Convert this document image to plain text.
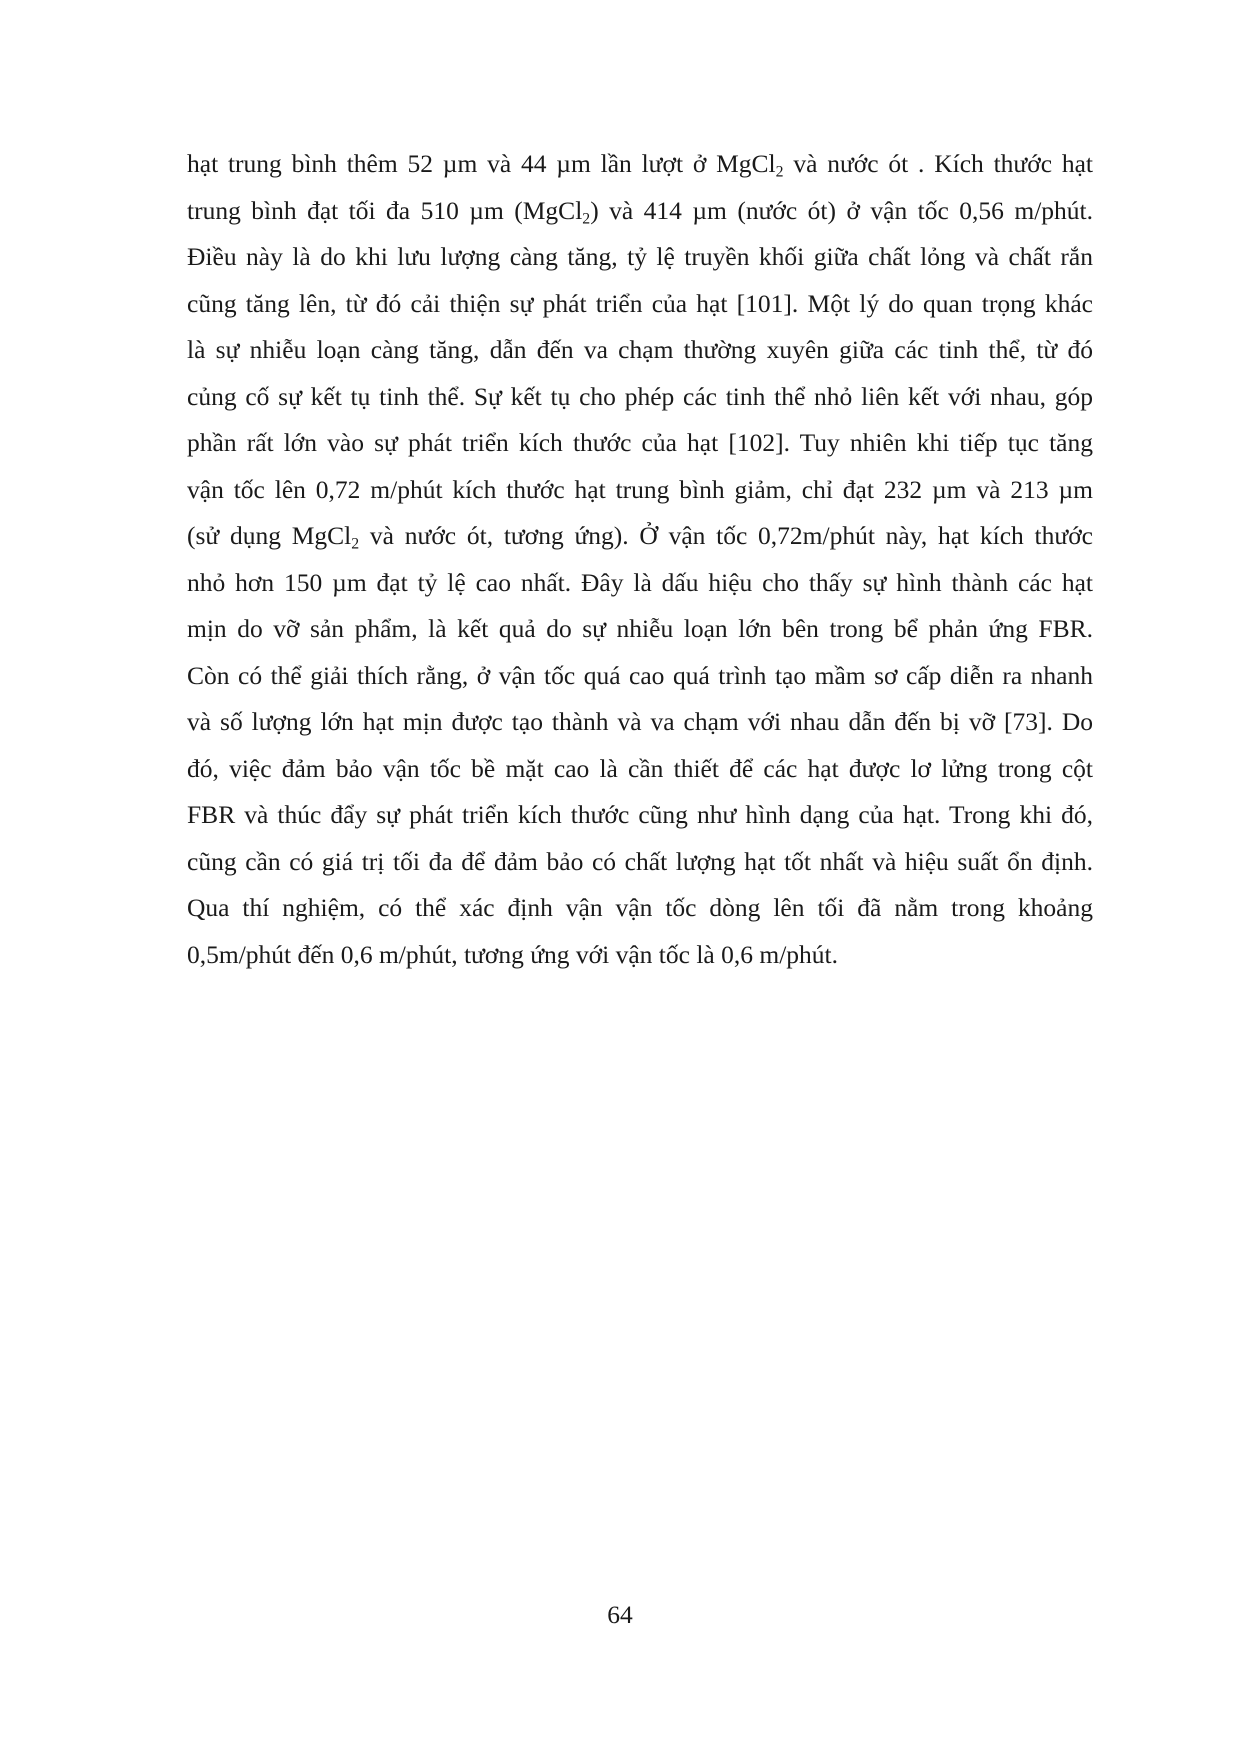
hạt trung bình thêm 52 µm và 44 µm lần lượt ở MgCl$_2$ và nước ót . Kích thước hạt
trung bình đạt tối đa 510 µm (MgCl$_2$) và 414 µm (nước ót) ở vận tốc 0,56 m/phút.
Điều này là do khi lưu lượng càng tăng, tỷ lệ truyền khối giữa chất lỏng và chất rắn
cũng tăng lên, từ đó cải thiện sự phát triển của hạt [101]. Một lý do quan trọng khác
là sự nhiễu loạn càng tăng, dẫn đến va chạm thường xuyên giữa các tinh thể, từ đó
củng cố sự kết tụ tinh thể. Sự kết tụ cho phép các tinh thể nhỏ liên kết với nhau, góp
phần rất lớn vào sự phát triển kích thước của hạt [102]. Tuy nhiên khi tiếp tục tăng
vận tốc lên 0,72 m/phút kích thước hạt trung bình giảm, chỉ đạt 232 µm và 213 µm
(sử dụng MgCl$_2$ và nước ót, tương ứng). Ở vận tốc 0,72m/phút này, hạt kích thước
nhỏ hơn 150 µm đạt tỷ lệ cao nhất. Đây là dấu hiệu cho thấy sự hình thành các hạt
mịn do vỡ sản phẩm, là kết quả do sự nhiễu loạn lớn bên trong bể phản ứng FBR.
Còn có thể giải thích rằng, ở vận tốc quá cao quá trình tạo mầm sơ cấp diễn ra nhanh
và số lượng lớn hạt mịn được tạo thành và va chạm với nhau dẫn đến bị vỡ [73]. Do
đó, việc đảm bảo vận tốc bề mặt cao là cần thiết để các hạt được lơ lửng trong cột
FBR và thúc đẩy sự phát triển kích thước cũng như hình dạng của hạt. Trong khi đó,
cũng cần có giá trị tối đa để đảm bảo có chất lượng hạt tốt nhất và hiệu suất ổn định.
Qua thí nghiệm, có thể xác định vận vận tốc dòng lên tối đã nằm trong khoảng
0,5m/phút đến 0,6 m/phút, tương ứng với vận tốc là 0,6 m/phút.
64
